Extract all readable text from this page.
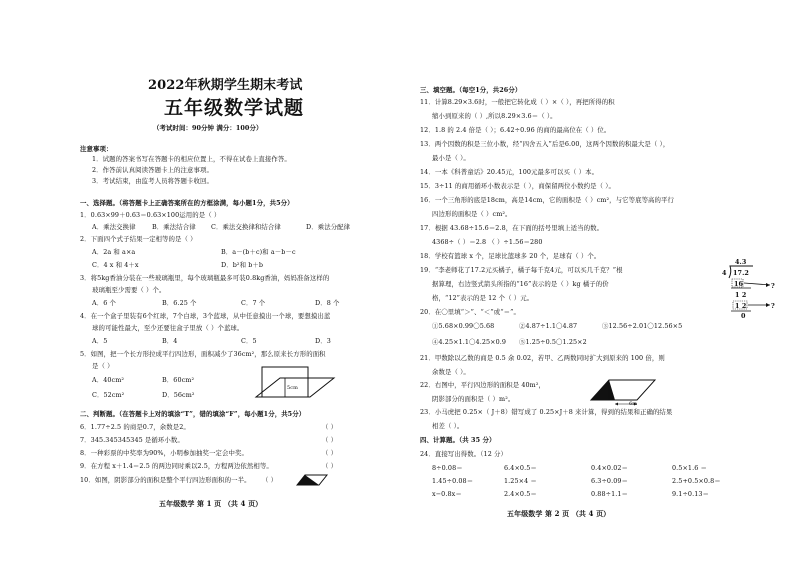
2022年秋期学生期末考试
五年级数学试题
（考试时间：90分钟 满分：100分）
注意事项：
1．试题的答案书写在答题卡的相应位置上，不得在试卷上直接作答。
2．作答前认真阅读答题卡上的注意事项。
3．考试结束，由监考人员将答题卡收回。
一、选择题。（将答题卡上正确答案所在的方框涂满，每小题1分，共5分）
1．0.63×99＋0.63＝0.63×100运用的是（ ）
A．乘法交换律	B．乘法结合律 C．乘法交换律和结合律	D．乘法分配律
2．下面四个式子结果一定相等的是（ ）
A．2a 和 a×a	B．a－(b＋c)和 a－b－c
C．4 x 和 4＋x	D．b²和 b＋b
3．将5kg香油分装在一些玻璃瓶里，每个玻璃瓶最多可装0.8kg香油，妈妈准备这样的
玻璃瓶至少需要（ ）个。
A．6 个	B．6.25 个	C．7 个	D．8 个
4．在一个盒子里装有6个红球，7个白球，3个蓝球，从中任意摸出一个球，要想摸出蓝
球的可能性最大，至少还要往盒子里放（ ）个蓝球。
A．5	B．4	C．5	D．3
5．如图，把一个长方形拉成平行四边形，面积减少了36cm²，那么原来长方形的面积
是（ ）
A．40cm²	B．60cm²
C．52cm²	D．56cm²
5cm
二、判断题。（在答题卡上对的填涂“T”，错的填涂“F”，每小题1分，共5分）
6．1.77÷2.5 的商是0.7，余数是2。	（ ）
7．345.345345345 是循环小数。	（ ）
8．一种彩票的中奖率为90%，小明参加抽奖一定会中奖。	（ ）
9．在方程 x＋1.4＝2.5 的两边同时乘以2.5，方程两边依然相等。	（ ）
10．如图，阴影部分的面积是整个平行四边形面积的一半。 （ ）
五年级数学 第 1 页 （共 4 页）
三、填空题。（每空1分，共26分）
11．计算8.29×3.6时，一般把它转化成（ ）×（ ），再把所得的积
缩小到原来的（ ）,所以8.29×3.6＝（ ）。
12．1.8 的 2.4 倍是（ ）；6.42÷0.96 的商的最高位在（ ）位。
13．两个因数的积是三位小数，经“四舍五入”后是6.00，这两个因数的积最大是（ ），
最小是（ ）。
14．一本《科普童话》20.45元，100元最多可以买（ ）本。
15．3÷11 的商用循环小数表示是（ ），商保留两位小数约是（ ）。
16．一个三角形的底是18cm，高是14cm，它的面积是（ ）cm²，与它等底等高的平行
四边形的面积是（ ）cm²。
17．根据 43.68÷15.6＝2.8，在下面的括号里填上适当的数。
4368÷（ ）＝2.8 （ ）÷1.56＝280
18．学校有篮球 x 个，足球比篮球多 20 个，足球有（ ）个。
19．“李老师花了17.2元买橘子，橘子每千克4元，可以买几千克？”根
据算理，右边竖式箭头所指的“16”表示的是（ ）kg 橘子的价
格，“12”表示的是 12 个（ ）元。
4.3
4 17.2
16
1 2
1 2
0
?
?
20．在〇里填“＞”、“＜”或“＝”。
①5.68×0.99〇5.68	②4.87÷1.1〇4.87	③12.56÷2.01〇12.56×5
④4.25×1.1〇4.25×0.9 ⑤1.25÷0.5〇1.25×2
21．甲数除以乙数的商是 0.5 余 0.02，若甲、乙两数同时扩大到原来的 100 倍，则
余数是（ ）。
22．右图中，平行四边形的面积是 40m²，
阴影部分的面积是（ ）m²。
6m
23．小马虎把 0.25×（ J＋8）错写成了 0.25×J＋8 来计算，得到的结果和正确的结果
相差（ ）。
四、计算题。（共 35 分）
24．直接写出得数。（12 分）
8÷0.08＝	6.4×0.5＝	0.4×0.02＝	0.5×1.6 ＝
1.45÷0.08＝	1.25×4 ＝	6.3÷0.09＝	2.5+0.5×0.8＝
x−0.8x＝	2.4×0.5＝	0.88÷1.1＝	9.1÷0.13＝
五年级数学 第 2 页 （共 4 页）
